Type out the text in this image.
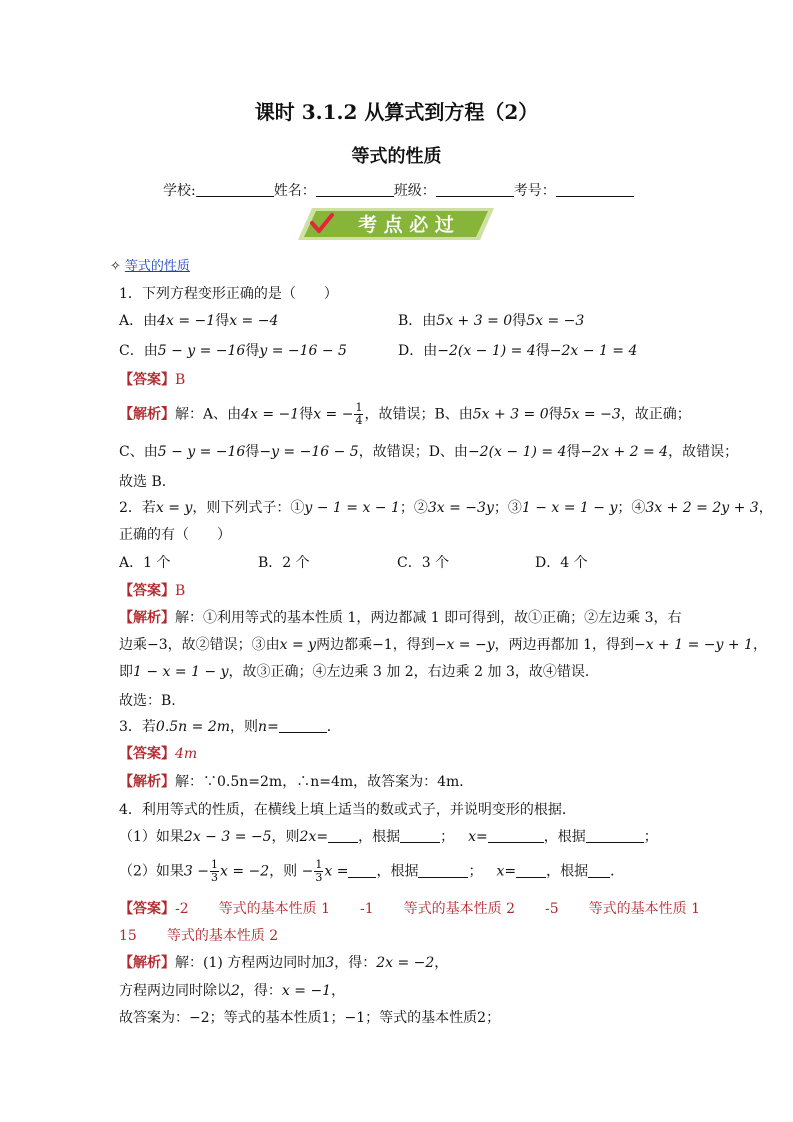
课时 3.1.2 从算式到方程（2）
等式的性质
学校:	姓名：	班级：	考号：
考 点 必 过
✧ 等式的性质
1．下列方程变形正确的是（　　）
A．由4x = −1得x = −4	B．由5x + 3 = 0得5x = −3
C．由5 − y = −16得y = −16 − 5	D．由−2(x − 1) = 4得−2x − 1 = 4
【答案】B
【解析】解：A、由4x = −1得x = − $\frac{1}{4}$ ，故错误；B、由5x + 3 = 0得5x = −3，故正确；
C、由5 − y = −16得−y = −16 − 5，故错误；D、由−2(x − 1) = 4得−2x + 2 = 4，故错误；
故选 B．
2．若x = y，则下列式子：①y − 1 = x − 1；②3x = −3y；③1 − x = 1 − y；④3x + 2 = 2y + 3，
正确的有（　　）
A．1 个	B．2 个	C．3 个	D．4 个
【答案】B
【解析】解：①利用等式的基本性质 1，两边都减 1 即可得到，故①正确；②左边乘 3，右
边乘−3，故②错误；③由x = y两边都乘−1，得到−x = −y，两边再都加 1，得到−x + 1 = −y + 1，
即1 − x = 1 − y，故③正确；④左边乘 3 加 2，右边乘 2 加 3，故④错误．
故选：B.
3．若0.5n = 2m，则n=	．
【答案】4m
【解析】解：∵0.5n=2m，∴n=4m，故答案为：4m．
4．利用等式的性质，在横线上填上适当的数或式子，并说明变形的根据．
（1）如果2x − 3 = −5，则2x= ，根据	； x=	，根据	；
（2）如果$3 - \frac{1}{3}$ x = −2，则 − $\frac{1}{3}$ x = ，根据	； x= ，根据 ．
【答案】-2 等式的基本性质 1 -1 等式的基本性质 2 -5 等式的基本性质 1
15 等式的基本性质 2
【解析】解：(1) 方程两边同时加3，得：2x = −2，
方程两边同时除以2，得：x = −1，
故答案为：−2；等式的基本性质1；−1；等式的基本性质2；
